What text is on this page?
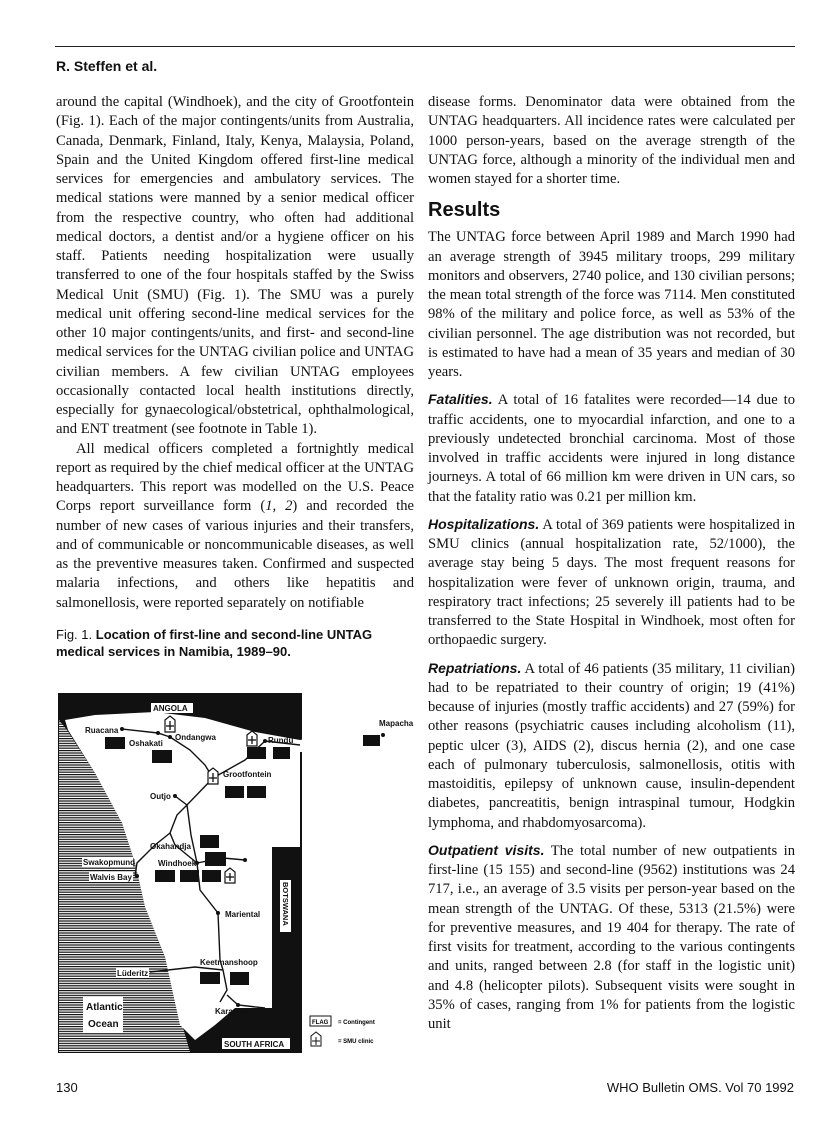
R. Steffen et al.

around the capital (Windhoek), and the city of Grootfontein (Fig. 1). Each of the major contingents/units from Australia, Canada, Denmark, Finland, Italy, Kenya, Malaysia, Poland, Spain and the United Kingdom offered first-line medical services for emergencies and ambulatory services. The medical stations were manned by a senior medical officer from the respective country, who often had additional medical doctors, a dentist and/or a hygiene officer on his staff. Patients needing hospitalization were usually transferred to one of the four hospitals staffed by the Swiss Medical Unit (SMU) (Fig. 1). The SMU was a purely medical unit offering second-line medical services for the other 10 major contingents/units, and first- and second-line medical services for the UNTAG civilian police and UNTAG civilian members. A few civilian UNTAG employees occasionally contacted local health institutions directly, especially for gynaecological/obstetrical, ophthalmological, and ENT treatment (see footnote in Table 1).

All medical officers completed a fortnightly medical report as required by the chief medical officer at the UNTAG headquarters. This report was modelled on the U.S. Peace Corps report surveillance form (1, 2) and recorded the number of new cases of various injuries and their transfers, and of communicable or noncommunicable diseases, as well as the preventive measures taken. Confirmed and suspected malaria infections, and others like hepatitis and salmonellosis, were reported separately on notifiable

Fig. 1. Location of first-line and second-line UNTAG medical services in Namibia, 1989–90.

ANGOLA
Ruacana
Ondangwa
Oshakati	Rundu
Mapacha
Grootfontein
Outjo
Okahandja
Swakopmund
Walvis Bay
Windhoek
Mariental
Keetmanshoop
Lüderitz
Karasburg
Atlantic
Ocean
BOTSWANA
SOUTH AFRICA
FLAG = Contingent
= SMU clinic

disease forms. Denominator data were obtained from the UNTAG headquarters. All incidence rates were calculated per 1000 person-years, based on the average strength of the UNTAG force, although a minority of the individual men and women stayed for a shorter time.

Results

The UNTAG force between April 1989 and March 1990 had an average strength of 3945 military troops, 299 military monitors and observers, 2740 police, and 130 civilian persons; the mean total strength of the force was 7114. Men constituted 98% of the military and police force, as well as 53% of the civilian personnel. The age distribution was not recorded, but is estimated to have had a mean of 35 years and median of 30 years.

Fatalities. A total of 16 fatalites were recorded—14 due to traffic accidents, one to myocardial infarction, and one to a previously undetected bronchial carcinoma. Most of those involved in traffic accidents were injured in long distance journeys. A total of 66 million km were driven in UN cars, so that the fatality ratio was 0.21 per million km.

Hospitalizations. A total of 369 patients were hospitalized in SMU clinics (annual hospitalization rate, 52/1000), the average stay being 5 days. The most frequent reasons for hospitalization were fever of unknown origin, trauma, and respiratory tract infections; 25 severely ill patients had to be transferred to the State Hospital in Windhoek, most often for orthopaedic surgery.

Repatriations. A total of 46 patients (35 military, 11 civilian) had to be repatriated to their country of origin; 19 (41%) because of injuries (mostly traffic accidents) and 27 (59%) for other reasons (psychiatric causes including alcoholism (11), peptic ulcer (3), AIDS (2), discus hernia (2), and one case each of pulmonary tuberculosis, salmonellosis, otitis with mastoiditis, epilepsy of unknown cause, insulin-dependent diabetes, pancreatitis, benign intraspinal tumour, Hodgkin lymphoma, and rhabdomyosarcoma).

Outpatient visits. The total number of new outpatients in first-line (15 155) and second-line (9562) institutions was 24 717, i.e., an average of 3.5 visits per person-year based on the mean strength of the UNTAG. Of these, 5313 (21.5%) were for preventive measures, and 19 404 for therapy. The rate of first visits for treatment, according to the various contingents and units, ranged between 2.8 (for staff in the logistic unit) and 4.8 (helicopter pilots). Subsequent visits were sought in 35% of cases, ranging from 1% for patients from the logistic unit

130	WHO Bulletin OMS. Vol 70 1992
